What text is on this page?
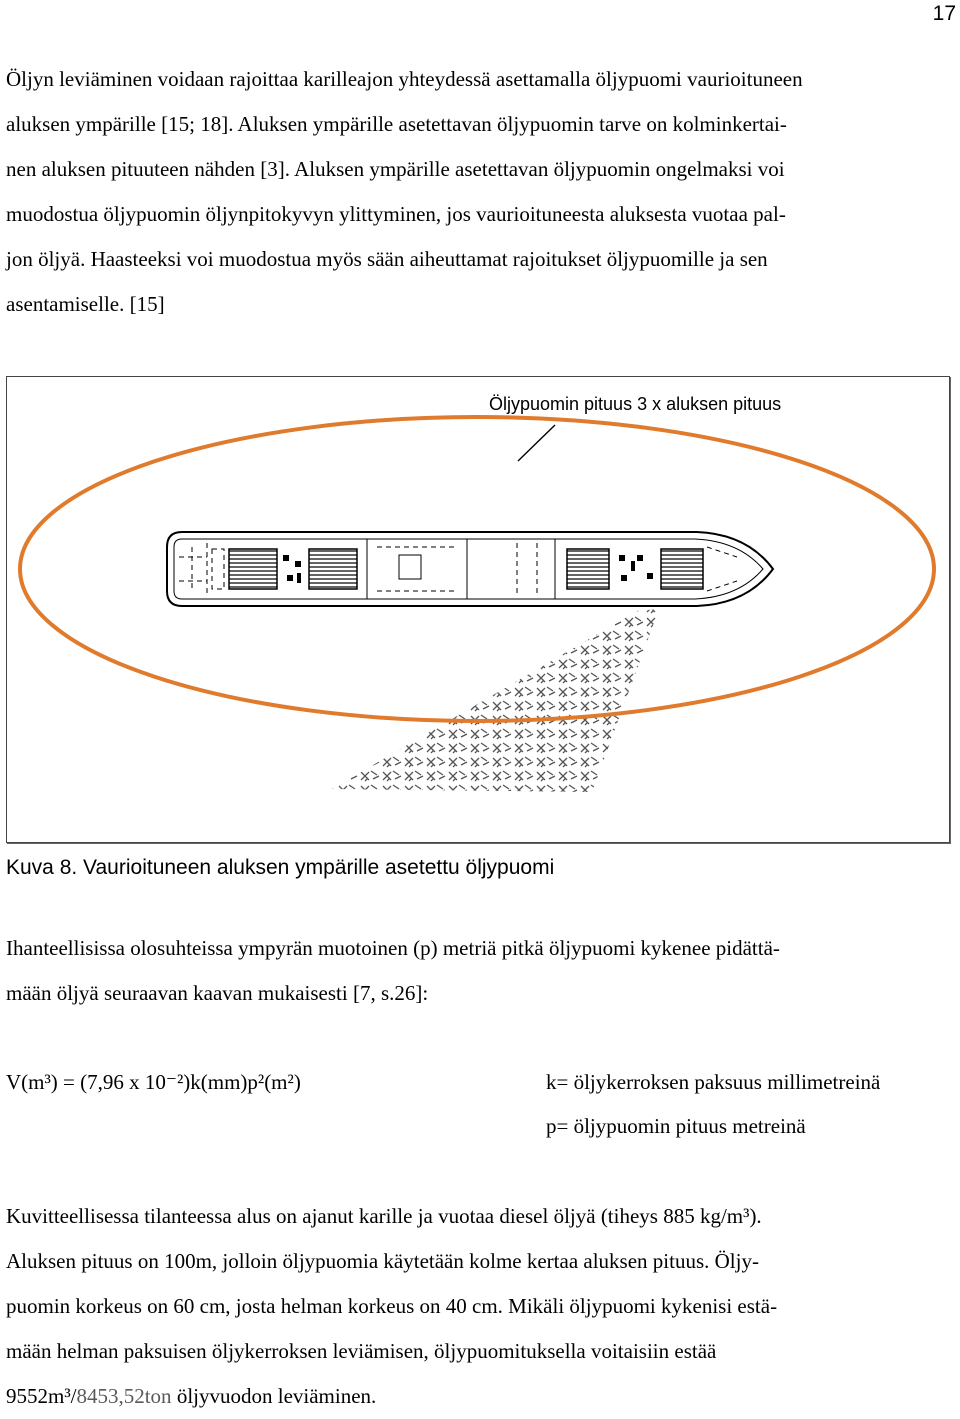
17

Öljyn leviäminen voidaan rajoittaa karilleajon yhteydessä asettamalla öljypuomi vaurioituneen
aluksen ympärille [15; 18]. Aluksen ympärille asetettavan öljypuomin tarve on kolminkertai-
nen aluksen pituuteen nähden [3]. Aluksen ympärille asetettavan öljypuomin ongelmaksi voi
muodostua öljypuomin öljynpitokyvyn ylittyminen, jos vaurioituneesta aluksesta vuotaa pal-
jon öljyä. Haasteeksi voi muodostua myös sään aiheuttamat rajoitukset öljypuomille ja sen
asentamiselle. [15]

Öljypuomin pituus 3 x aluksen pituus

Kuva 8. Vaurioituneen aluksen ympärille asetettu öljypuomi

Ihanteellisissa olosuhteissa ympyrän muotoinen (p) metriä pitkä öljypuomi kykenee pidättä-
mään öljyä seuraavan kaavan mukaisesti [7, s.26]:

V(m³) = (7,96 x 10⁻²)k(mm)p²(m²)	k= öljykerroksen paksuus millimetreinä
p= öljypuomin pituus metreinä

Kuvitteellisessa tilanteessa alus on ajanut karille ja vuotaa diesel öljyä (tiheys 885 kg/m³).
Aluksen pituus on 100m, jolloin öljypuomia käytetään kolme kertaa aluksen pituus. Öljy-
puomin korkeus on 60 cm, josta helman korkeus on 40 cm. Mikäli öljypuomi kykenisi estä-
mään helman paksuisen öljykerroksen leviämisen, öljypuomituksella voitaisiin estää
9552m³/8453,52ton öljyvuodon leviäminen.
